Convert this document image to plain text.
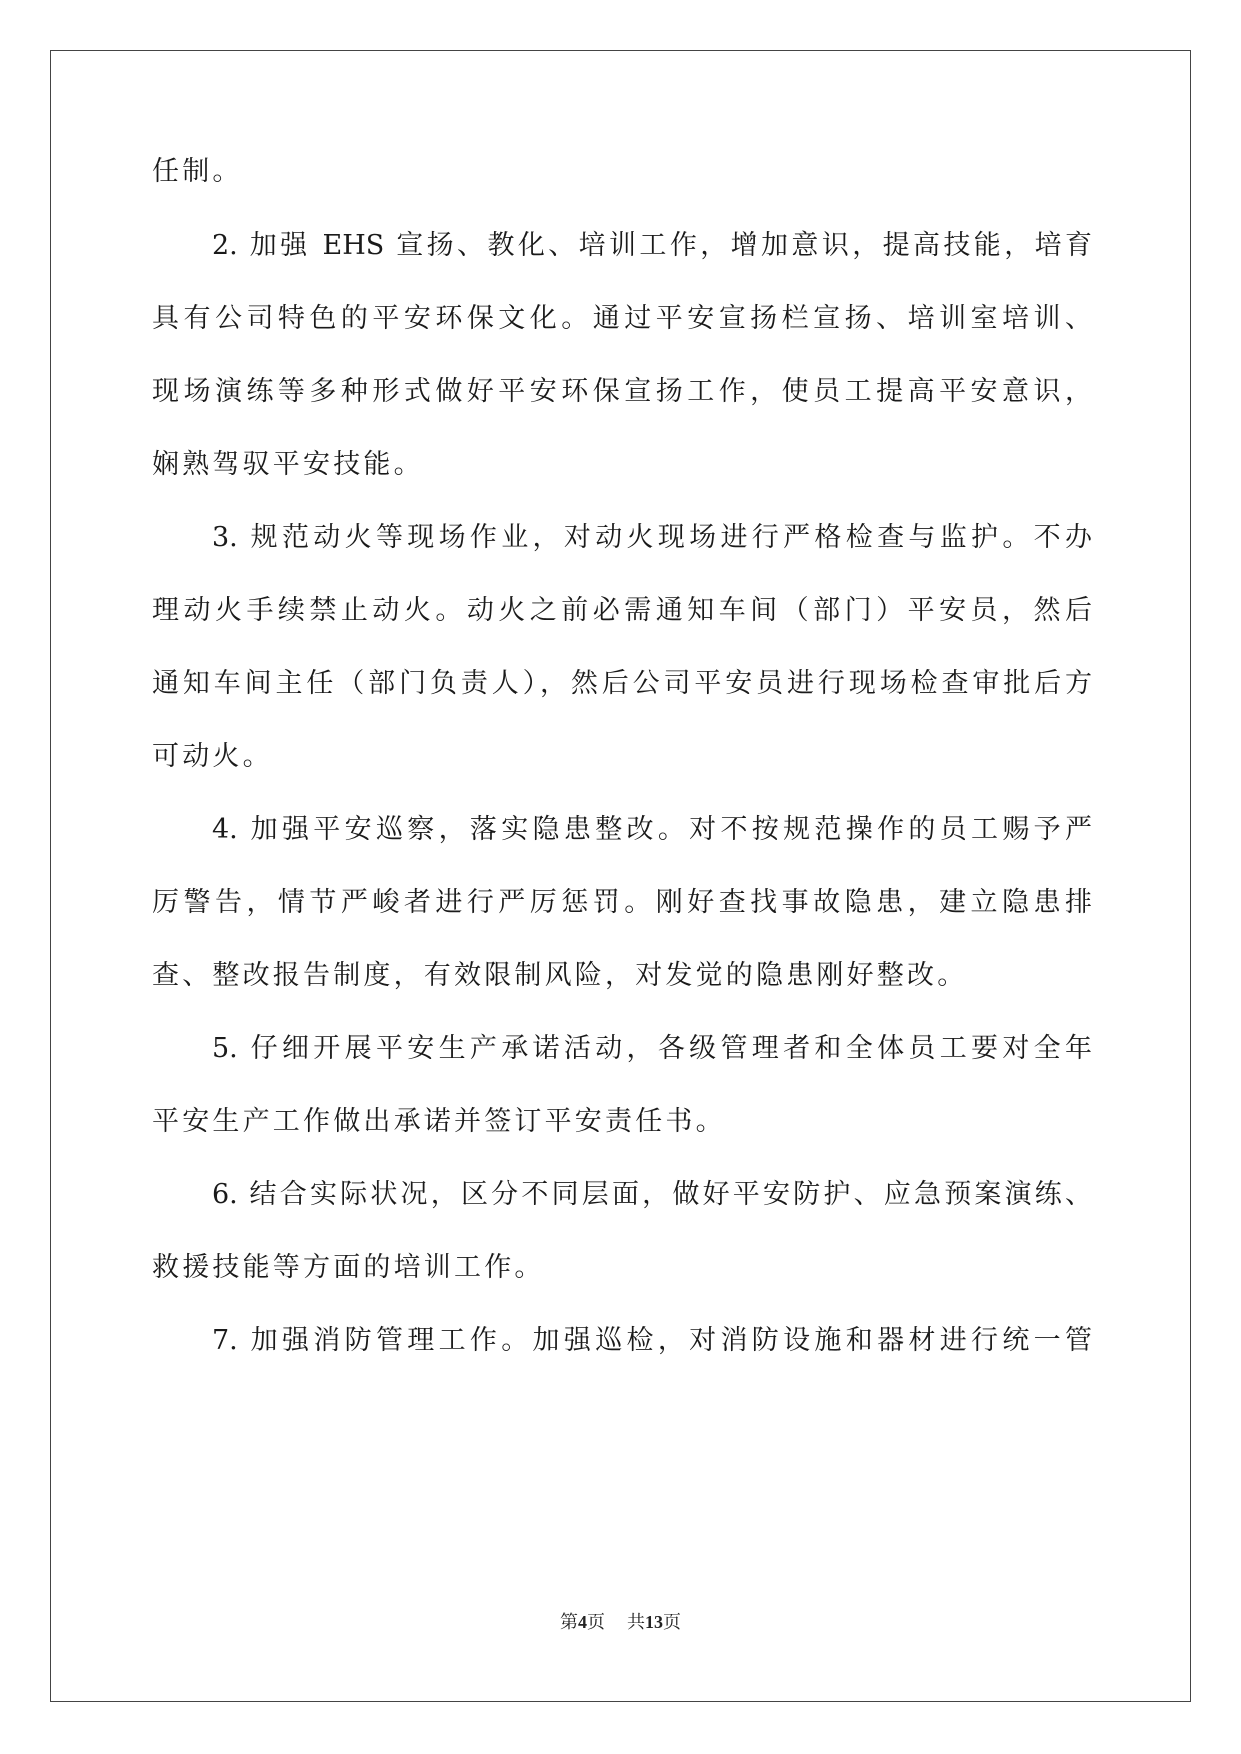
任制。
2. 加强 EHS 宣扬、教化、培训工作，增加意识，提高技能，培育
具有公司特色的平安环保文化。通过平安宣扬栏宣扬、培训室培训、
现场演练等多种形式做好平安环保宣扬工作，使员工提高平安意识，
娴熟驾驭平安技能。
3. 规范动火等现场作业，对动火现场进行严格检查与监护。不办
理动火手续禁止动火。动火之前必需通知车间（部门）平安员，然后
通知车间主任（部门负责人），然后公司平安员进行现场检查审批后方
可动火。
4. 加强平安巡察，落实隐患整改。对不按规范操作的员工赐予严
厉警告，情节严峻者进行严厉惩罚。刚好查找事故隐患，建立隐患排
查、整改报告制度，有效限制风险，对发觉的隐患刚好整改。
5. 仔细开展平安生产承诺活动，各级管理者和全体员工要对全年
平安生产工作做出承诺并签订平安责任书。
6. 结合实际状况，区分不同层面，做好平安防护、应急预案演练、
救援技能等方面的培训工作。
7. 加强消防管理工作。加强巡检，对消防设施和器材进行统一管
第4页 共13页
